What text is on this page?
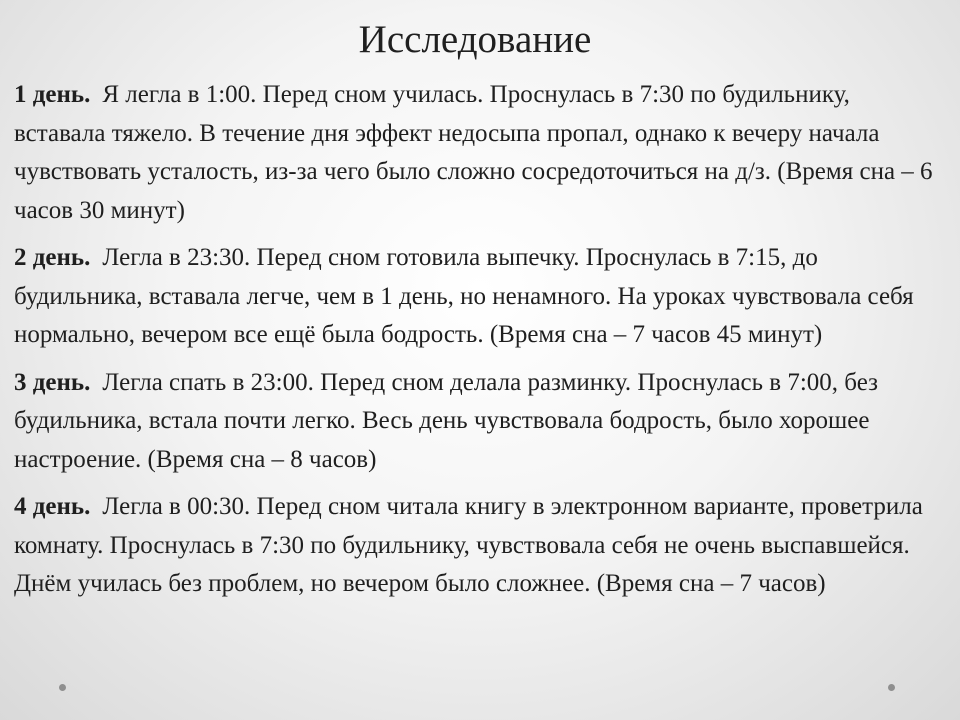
Исследование

1 день. Я легла в 1:00. Перед сном училась. Проснулась в 7:30 по будильнику, вставала тяжело. В течение дня эффект недосыпа пропал, однако к вечеру начала чувствовать усталость, из-за чего было сложно сосредоточиться на д/з. (Время сна – 6 часов 30 минут)

2 день. Легла в 23:30. Перед сном готовила выпечку. Проснулась в 7:15, до будильника, вставала легче, чем в 1 день, но ненамного. На уроках чувствовала себя нормально, вечером все ещё была бодрость. (Время сна – 7 часов 45 минут)

3 день. Легла спать в 23:00. Перед сном делала разминку. Проснулась в 7:00, без будильника, встала почти легко. Весь день чувствовала бодрость, было хорошее настроение. (Время сна – 8 часов)

4 день. Легла в 00:30. Перед сном читала книгу в электронном варианте, проветрила комнату. Проснулась в 7:30 по будильнику, чувствовала себя не очень выспавшейся. Днём училась без проблем, но вечером было сложнее. (Время сна – 7 часов)
